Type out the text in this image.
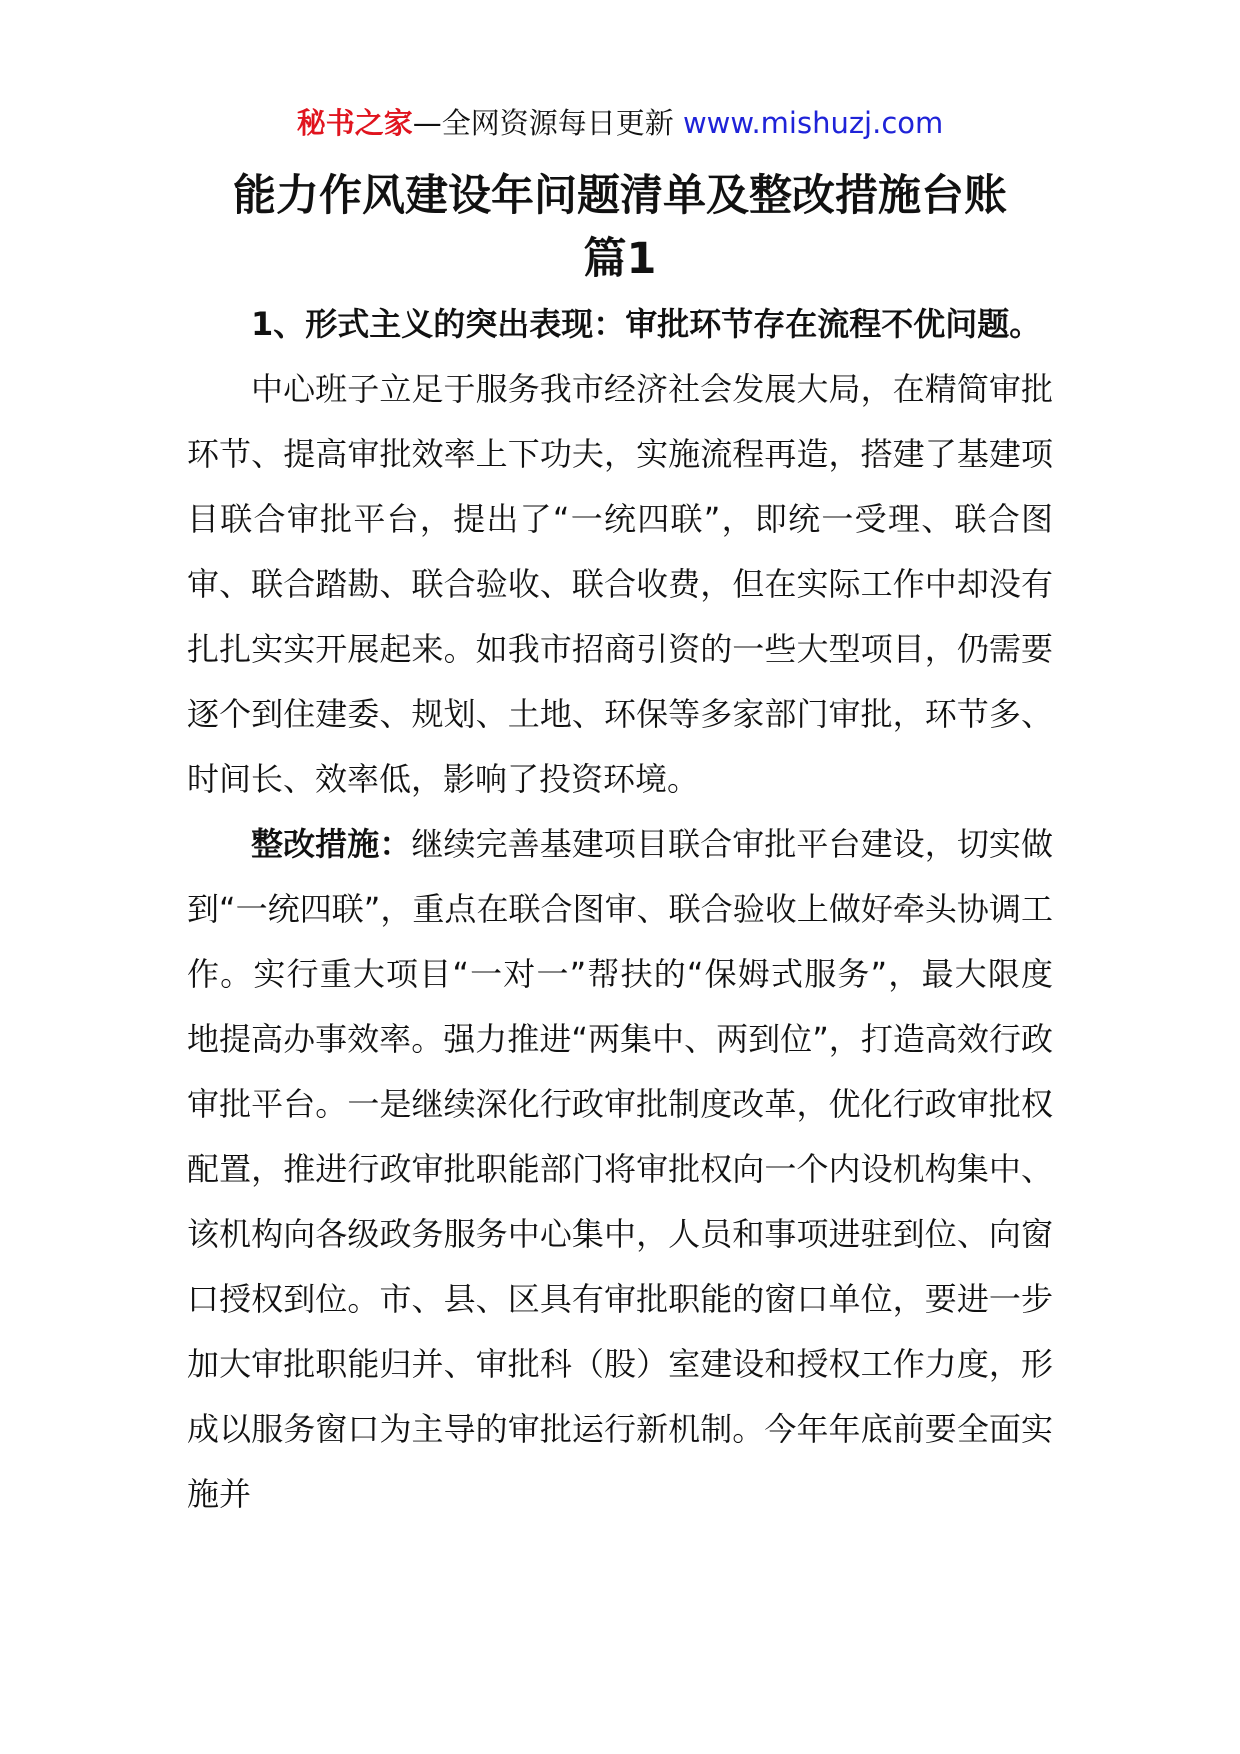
秘书之家—全网资源每日更新 www.mishuzj.com
能力作风建设年问题清单及整改措施台账
篇1

1、形式主义的突出表现：审批环节存在流程不优问题。

中心班子立足于服务我市经济社会发展大局，在精简审批环节、提高审批效率上下功夫，实施流程再造，搭建了基建项目联合审批平台，提出了“一统四联”，即统一受理、联合图审、联合踏勘、联合验收、联合收费，但在实际工作中却没有扎扎实实开展起来。如我市招商引资的一些大型项目，仍需要逐个到住建委、规划、土地、环保等多家部门审批，环节多、时间长、效率低，影响了投资环境。

整改措施：继续完善基建项目联合审批平台建设，切实做到“一统四联”，重点在联合图审、联合验收上做好牵头协调工作。实行重大项目“一对一”帮扶的“保姆式服务”，最大限度地提高办事效率。强力推进“两集中、两到位”，打造高效行政审批平台。一是继续深化行政审批制度改革，优化行政审批权配置，推进行政审批职能部门将审批权向一个内设机构集中、该机构向各级政务服务中心集中，人员和事项进驻到位、向窗口授权到位。市、县、区具有审批职能的窗口单位，要进一步加大审批职能归并、审批科（股）室建设和授权工作力度，形成以服务窗口为主导的审批运行新机制。今年年底前要全面实施并
